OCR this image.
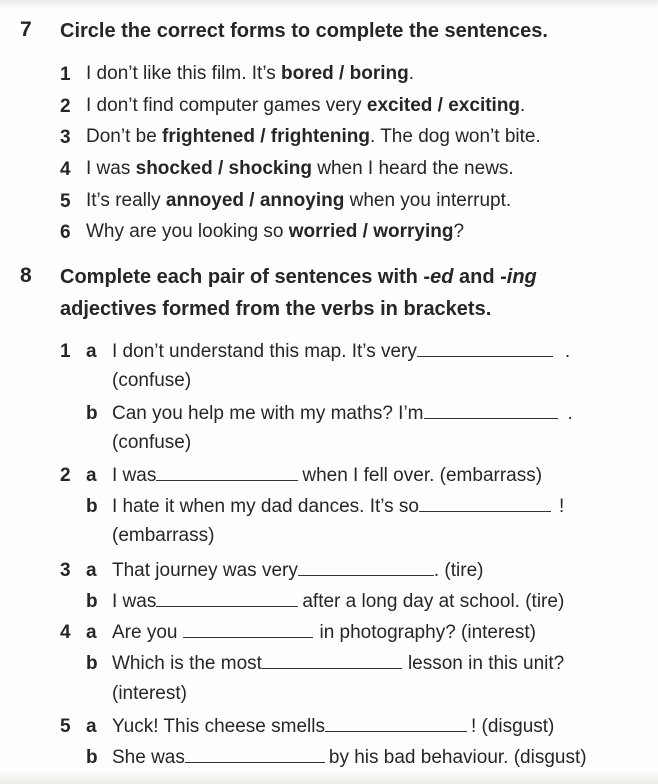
7 Circle the correct forms to complete the sentences.
1 I don’t like this film. It’s bored / boring.
2 I don’t find computer games very excited / exciting.
3 Don’t be frightened / frightening. The dog won’t bite.
4 I was shocked / shocking when I heard the news.
5 It’s really annoyed / annoying when you interrupt.
6 Why are you looking so worried / worrying?
8 Complete each pair of sentences with -ed and -ing
adjectives formed from the verbs in brackets.
1 a I don’t understand this map. It’s very	.
(confuse)
b Can you help me with my maths? I’m	.
(confuse)
2 a I was	when I fell over. (embarrass)
b I hate it when my dad dances. It’s so	!
(embarrass)
3 a That journey was very	. (tire)
b I was	after a long day at school. (tire)
4 a Are you	in photography? (interest)
b Which is the most	lesson in this unit?
(interest)
5 a Yuck! This cheese smells	! (disgust)
b She was	by his bad behaviour. (disgust)
